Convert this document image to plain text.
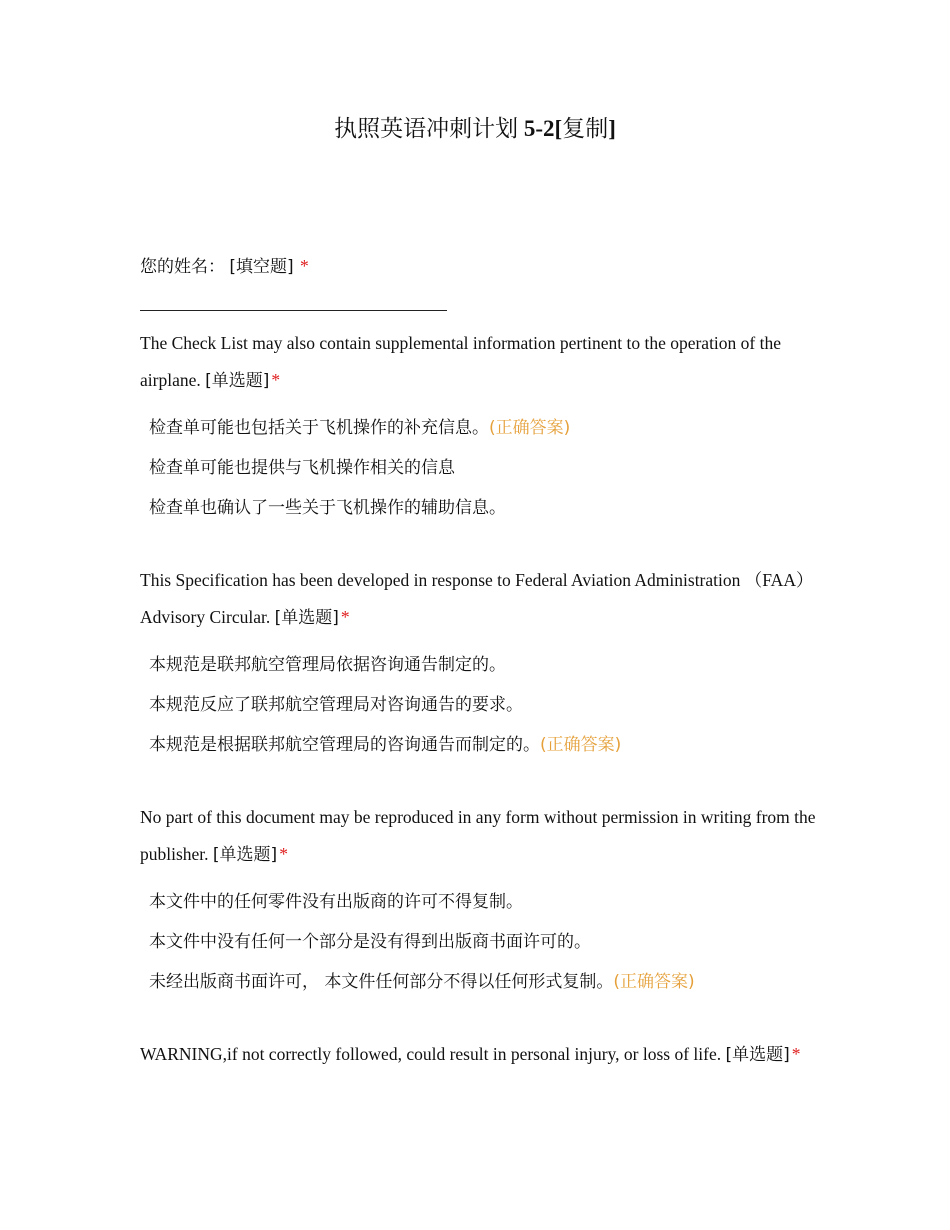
执照英语冲刺计划 5-2[复制]
您的姓名： [填空题] *
The Check List may also contain supplemental information pertinent to the operation of the airplane. [单选题] *
检查单可能也包括关于飞机操作的补充信息。(正确答案)
检查单可能也提供与飞机操作相关的信息
检查单也确认了一些关于飞机操作的辅助信息。
This Specification has been developed in response to Federal Aviation Administration （FAA） Advisory Circular. [单选题] *
本规范是联邦航空管理局依据咨询通告制定的。
本规范反应了联邦航空管理局对咨询通告的要求。
本规范是根据联邦航空管理局的咨询通告而制定的。(正确答案)
No part of this document may be reproduced in any form without permission in writing from the publisher. [单选题] *
本文件中的任何零件没有出版商的许可不得复制。
本文件中没有任何一个部分是没有得到出版商书面许可的。
未经出版商书面许可， 本文件任何部分不得以任何形式复制。(正确答案)
WARNING,if not correctly followed, could result in personal injury, or loss of life. [单选题] *
